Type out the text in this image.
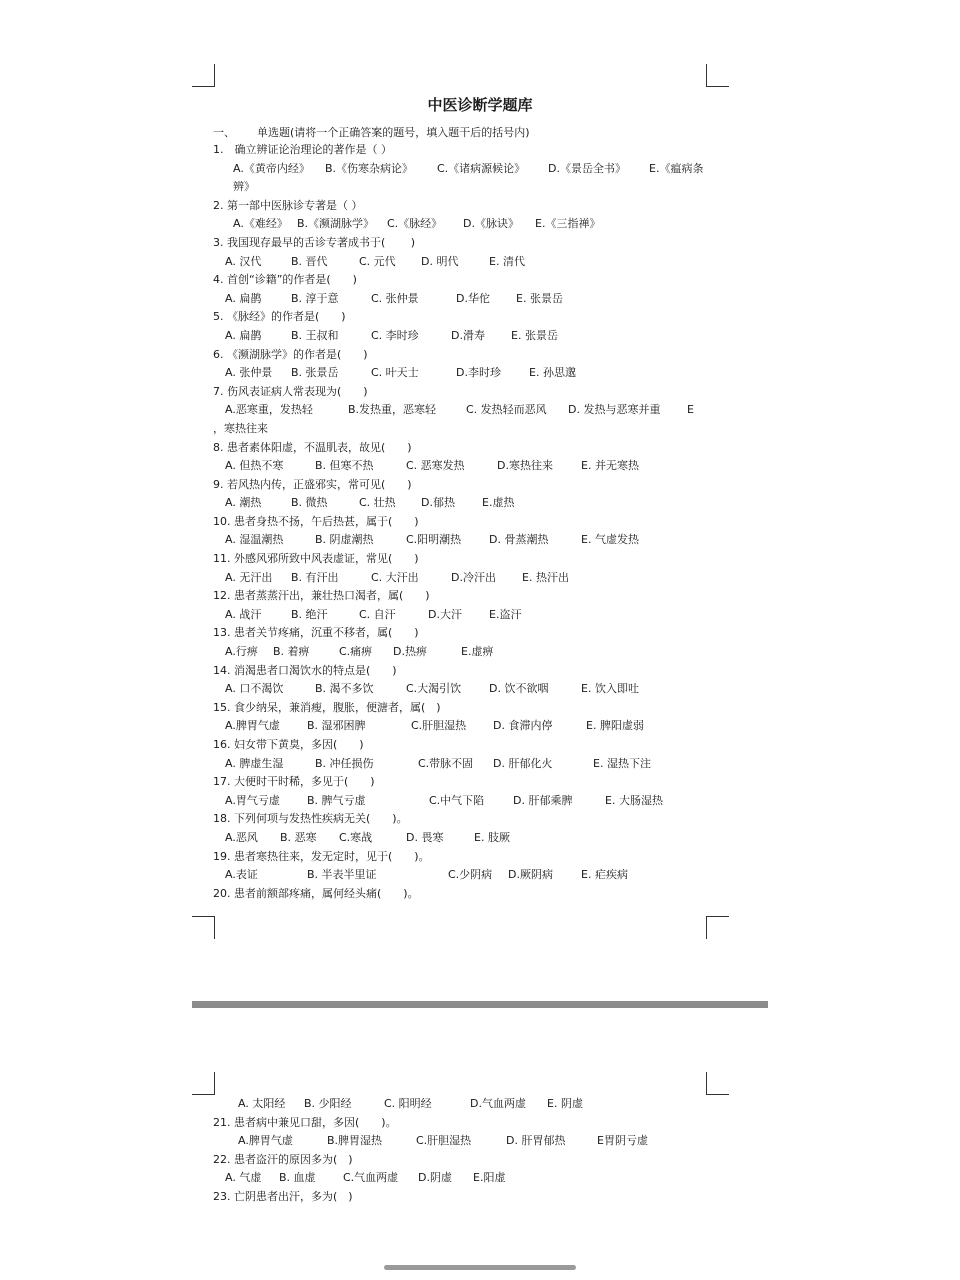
中医诊断学题库
一、 单选题(请将一个正确答案的题号，填入题干后的括号内)
1.　确立辨证论治理论的著作是（ ）
A.《黄帝内经》 B.《伤寒杂病论》 C.《诸病源候论》 D.《景岳全书》 E.《瘟病条
辨》
2. 第一部中医脉诊专著是（ ）
A.《难经》 B.《濒湖脉学》 C.《脉经》 D.《脉诀》 E.《三指禅》
3. 我国现存最早的舌诊专著成书于(　　 )
A. 汉代	B. 晋代	C. 元代 D. 明代	E. 清代
4. 首创“诊籍”的作者是(　　)
A. 扁鹊	B. 淳于意	C. 张仲景	D.华佗 E. 张景岳
5. 《脉经》的作者是(　　)
A. 扁鹊	B. 王叔和	C. 李时珍	D.滑寿 E. 张景岳
6. 《濒湖脉学》的作者是(　　)
A. 张仲景 B. 张景岳	C. 叶天士	D.李时珍	E. 孙思邈
7. 伤风表证病人常表现为(　　)
A.恶寒重，发热轻	B.发热重，恶寒轻	C. 发热轻而恶风 D. 发热与恶寒并重 E
，寒热往来
8. 患者素体阳虚，不温肌表，故见(　　)
A. 但热不寒	B. 但寒不热	C. 恶寒发热	D.寒热往来	E. 并无寒热
9. 若风热内传，正盛邪实，常可见(　　)
A. 潮热	B. 微热	C. 壮热 D.郁热 E.虚热
10. 患者身热不扬，午后热甚，属于(　　)
A. 湿温潮热	B. 阴虚潮热	C.阳明潮热	D. 骨蒸潮热	E. 气虚发热
11. 外感风邪所致中风表虚证，常见(　　)
A. 无汗出 B. 有汗出	C. 大汗出	D.冷汗出 E. 热汗出
12. 患者蒸蒸汗出，兼壮热口渴者，属(　　)
A. 战汗	B. 绝汗	C. 自汗	D.大汗 E.盗汗
13. 患者关节疼痛，沉重不移者，属(　　)
A.行痹 B. 着痹	C.痛痹 D.热痹	E.虚痹
14. 消渴患者口渴饮水的特点是(　　)
A. 口不渴饮	B. 渴不多饮	C.大渴引饮	D. 饮不欲咽	E. 饮入即吐
15. 食少纳呆，兼消瘦，腹胀，便溏者，属(　)
A.脾胃气虚 B. 湿邪困脾	C.肝胆湿热 D. 食滞内停	E. 脾阳虚弱
16. 妇女带下黄臭，多因(　　)
A. 脾虚生湿	B. 冲任损伤	C.带脉不固 D. 肝郁化火	E. 湿热下注
17. 大便时干时稀，多见于(　　)
A.胃气亏虚 B. 脾气亏虚	C.中气下陷	D. 肝郁乘脾	E. 大肠湿热
18. 下列何项与发热性疾病无关(　　)。
A.恶风 B. 恶寒 C.寒战	D. 畏寒	E. 肢厥
19. 患者寒热往来，发无定时，见于(　　)。
A.表证	B. 半表半里证	C.少阴病 D.厥阴病	E. 疟疾病
20. 患者前额部疼痛，属何经头痛(　　)。
A. 太阳经 B. 少阳经	C. 阳明经	D.气血两虚 E. 阴虚
21. 患者病中兼见口甜，多因(　　)。
A.脾胃气虚	B.脾胃湿热	C.肝胆湿热	D. 肝胃郁热	E胃阴亏虚
22. 患者盗汗的原因多为(　)
A. 气虚 B. 血虚 C.气血两虚 D.阴虚 E.阳虚
23. 亡阴患者出汗，多为(　)
